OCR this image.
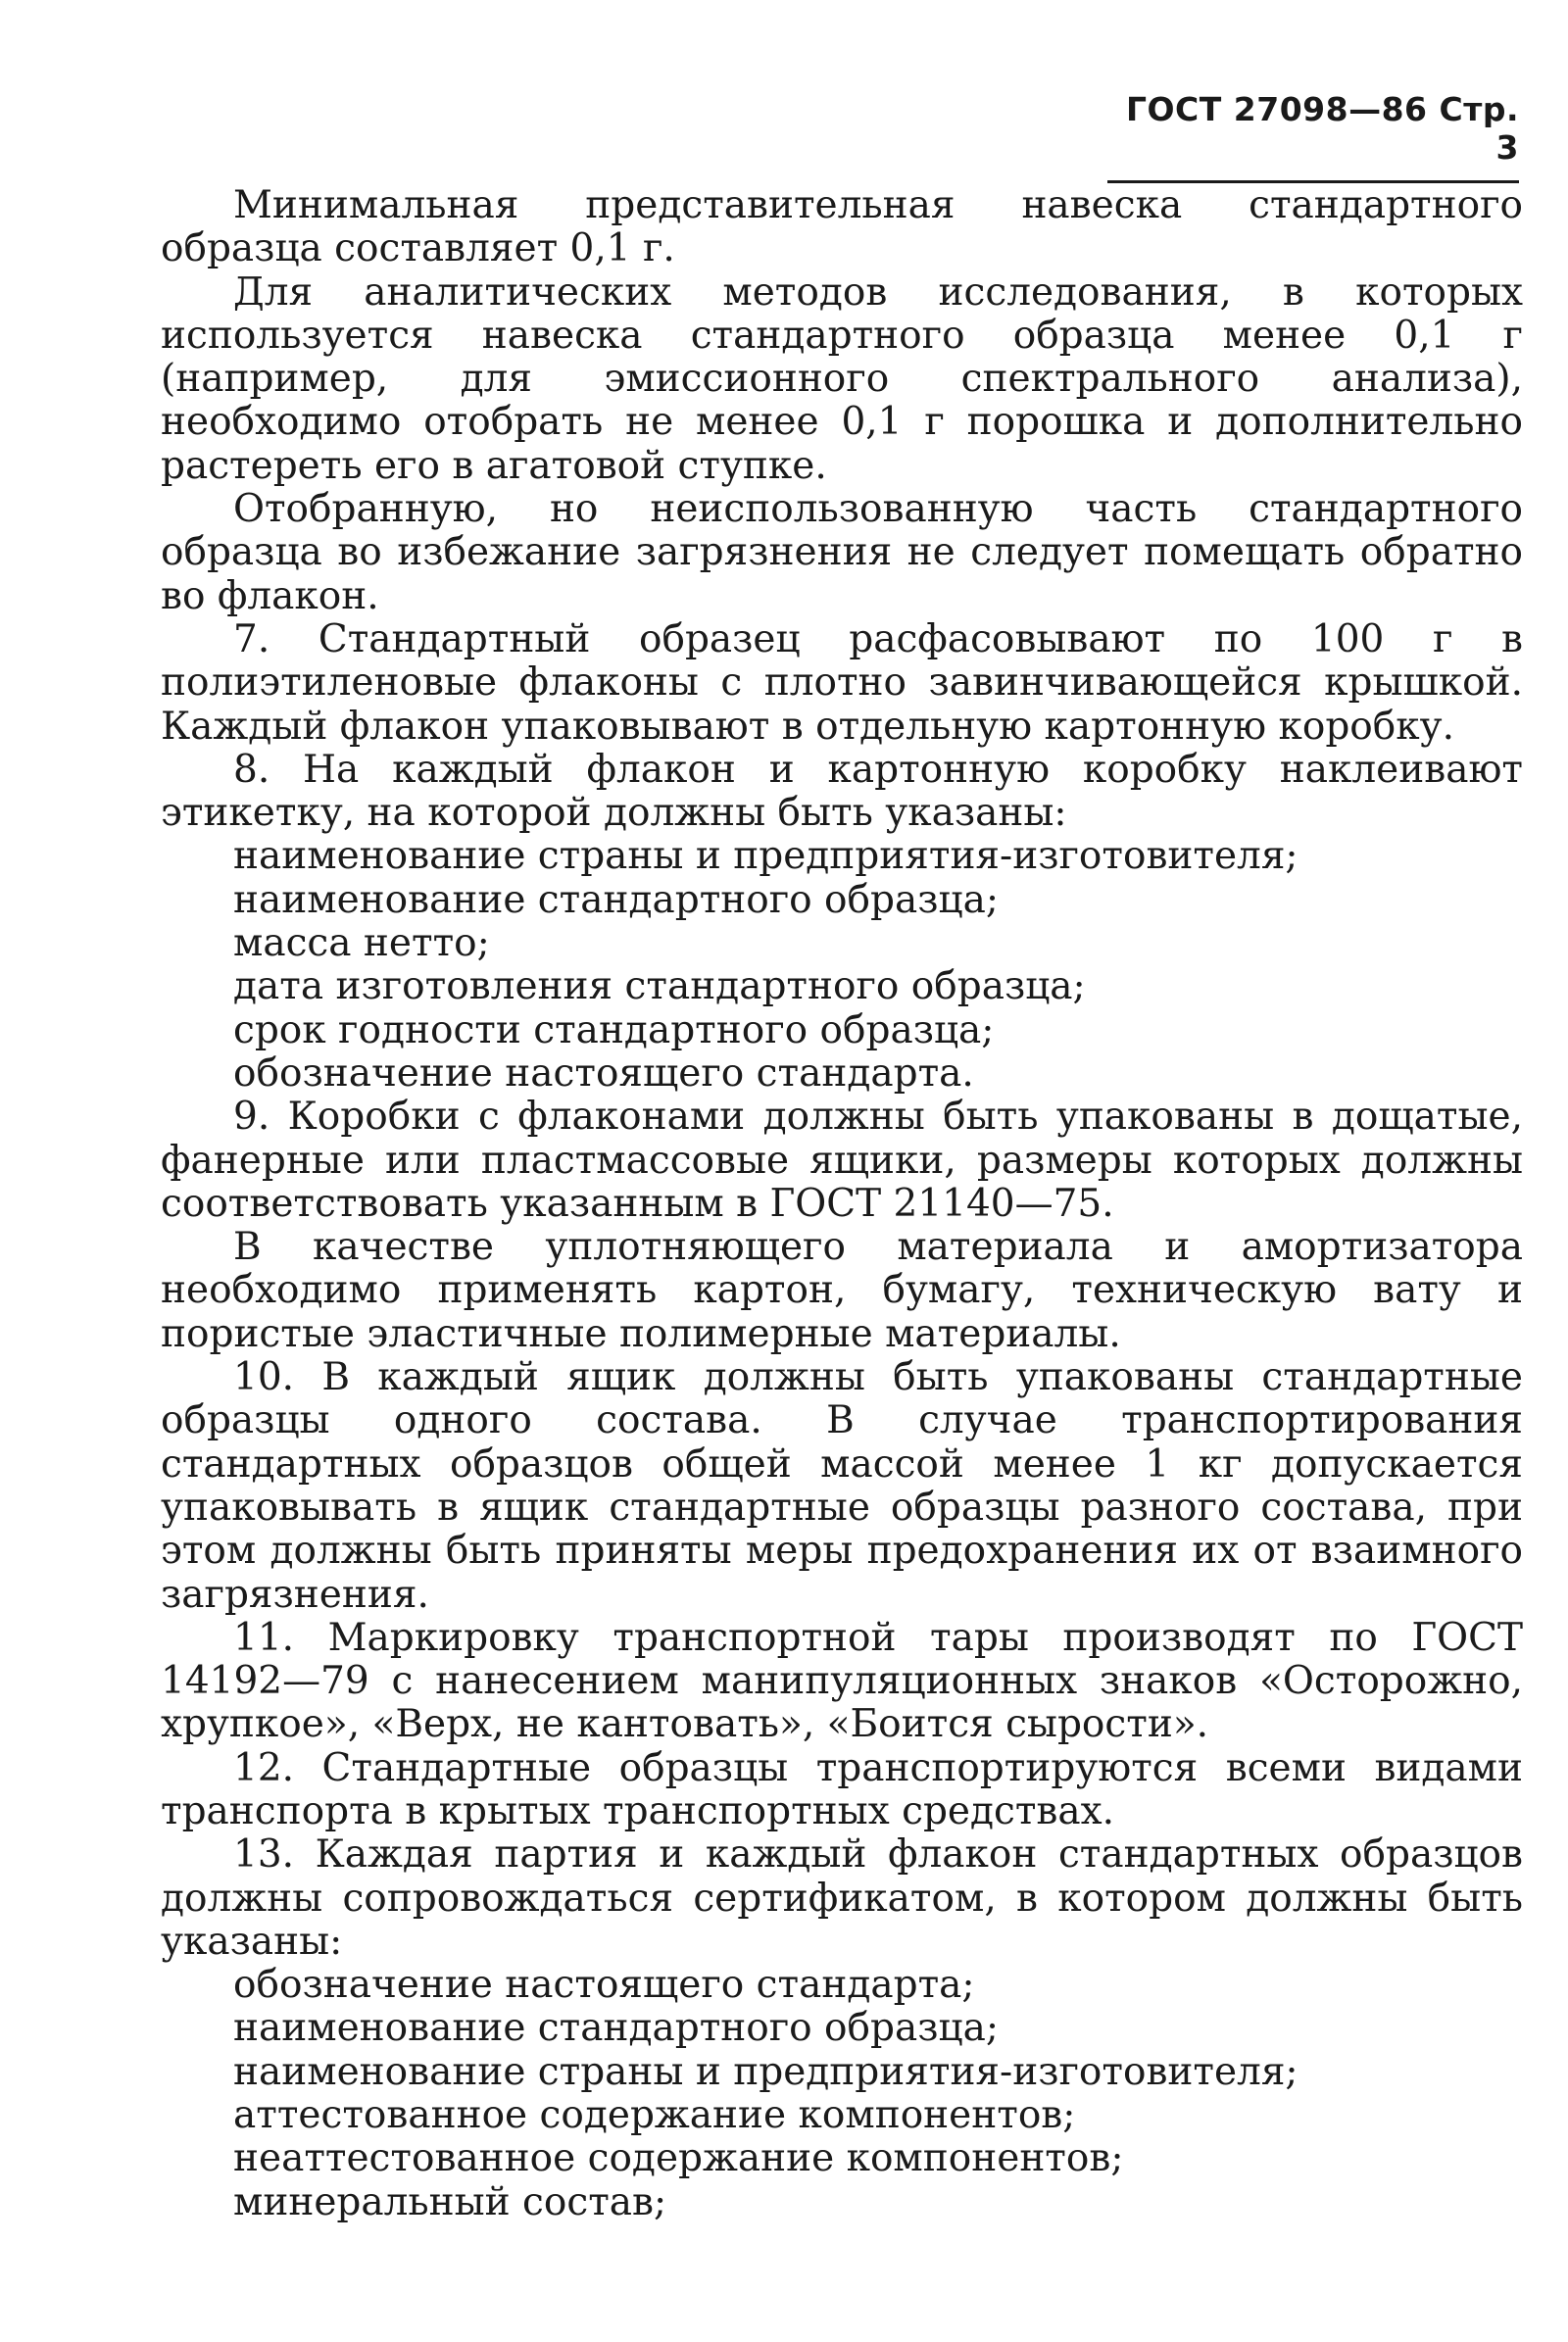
ГОСТ 27098—86 Стр. 3

Минимальная представительная навеска стандартного образца составляет 0,1 г.

Для аналитических методов исследования, в которых используется навеска стандартного образца менее 0,1 г (например, для эмиссионного спектрального анализа), необходимо отобрать не менее 0,1 г порошка и дополнительно растереть его в агатовой ступке.

Отобранную, но неиспользованную часть стандартного образца во избежание загрязнения не следует помещать обратно во флакон.

7. Стандартный образец расфасовывают по 100 г в полиэтиленовые флаконы с плотно завинчивающейся крышкой. Каждый флакон упаковывают в отдельную картонную коробку.

8. На каждый флакон и картонную коробку наклеивают этикетку, на которой должны быть указаны:

наименование страны и предприятия-изготовителя;
наименование стандартного образца;
масса нетто;
дата изготовления стандартного образца;
срок годности стандартного образца;
обозначение настоящего стандарта.

9. Коробки с флаконами должны быть упакованы в дощатые, фанерные или пластмассовые ящики, размеры которых должны соответствовать указанным в ГОСТ 21140—75.

В качестве уплотняющего материала и амортизатора необходимо применять картон, бумагу, техническую вату и пористые эластичные полимерные материалы.

10. В каждый ящик должны быть упакованы стандартные образцы одного состава. В случае транспортирования стандартных образцов общей массой менее 1 кг допускается упаковывать в ящик стандартные образцы разного состава, при этом должны быть приняты меры предохранения их от взаимного загрязнения.

11. Маркировку транспортной тары производят по ГОСТ 14192—79 с нанесением манипуляционных знаков «Осторожно, хрупкое», «Верх, не кантовать», «Боится сырости».

12. Стандартные образцы транспортируются всеми видами транспорта в крытых транспортных средствах.

13. Каждая партия и каждый флакон стандартных образцов должны сопровождаться сертификатом, в котором должны быть указаны:

обозначение настоящего стандарта;
наименование стандартного образца;
наименование страны и предприятия-изготовителя;
аттестованное содержание компонентов;
неаттестованное содержание компонентов;
минеральный состав;
